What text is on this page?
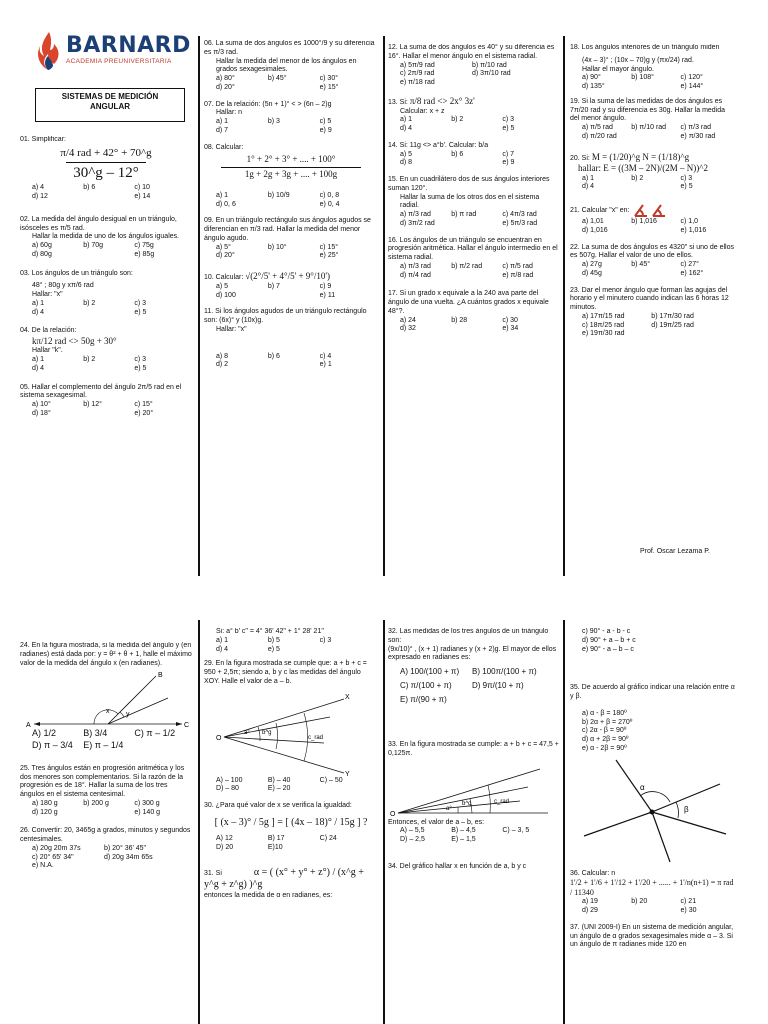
BARNARD
ACADEMIA PREUNIVERSITARIA
SISTEMAS DE MEDICIÓN
ANGULAR
01. Simplificar:
π/4 rad + 42° + 70^g
30^g – 12°
a) 4	b) 6	c) 10
d) 12	e) 14
02. La medida del ángulo desigual en un triángulo, isósceles es π/5 rad.
Hallar la medida de uno de los ángulos iguales.
a) 60g	b) 70g	c) 75g
d) 80g	e) 85g
03. Los ángulos de un triángulo son:
48° ; 80g y xπ/6 rad
Hallar: "x"
a) 1	b) 2	c) 3
d) 4	e) 5
04. De la relación:
kπ/12 rad <> 50g + 30°
Hallar "k".
a) 1	b) 2	c) 3
d) 4	e) 5
05. Hallar el complemento del ángulo 2π/5 rad en el sistema sexagesimal.
a) 10°	b) 12°	c) 15°
d) 18°	e) 20°
06. La suma de dos ángulos es 1000°/9 y su diferencia es π/3 rad.
Hallar la medida del menor de los ángulos en grados sexagesimales.
a) 80°	b) 45°	c) 30°
d) 20°	e) 15°
07. De la relación: (5n + 1)° < > (6n – 2)g
Hallar: n
a) 1	b) 3	c) 5
d) 7	e) 9
08. Calcular:
1° + 2° + 3° + .... + 100°
1g + 2g + 3g + .... + 100g
a) 1	b) 10/9	c) 0, 8
d) 0, 6	e) 0, 4
09. En un triángulo rectángulo sus ángulos agudos se diferencian en π/3 rad. Hallar la medida del menor ángulo agudo.
a) 5°	b) 10°	c) 15°
d) 20°	e) 25°
10. Calcular: √(2°/5' + 4°/5' + 9°/10')
a) 5	b) 7	c) 9
d) 100	e) 11
11. Si los ángulos agudos de un triángulo rectángulo son: (6x)° y (10x)g.
Hallar: "x"
a) 8	b) 6	c) 4
d) 2	e) 1
12. La suma de dos ángulos es 40° y su diferencia es 16°. Hallar el menor ángulo en el sistema radial.
a) 5π/9 rad	b) π/10 rad
c) 2π/9 rad	d) 3π/10 rad
e) π/18 rad
13. Si: π/8 rad <> 2x° 3z'
Calcular: x + z
a) 1	b) 2	c) 3
d) 4	e) 5
14. Si: 11g <> a°b'. Calcular: b/a
a) 5	b) 6	c) 7
d) 8	e) 9
15. En un cuadrilátero dos de sus ángulos interiores suman 120°.
Hallar la suma de los otros dos en el sistema radial.
a) π/3 rad	b) π rad	c) 4π/3 rad
d) 3π/2 rad	e) 5π/3 rad
16. Los ángulos de un triángulo se encuentran en progresión aritmética. Hallar el ángulo intermedio en el sistema radial.
a) π/3 rad	b) π/2 rad	c) π/5 rad
d) π/4 rad	e) π/8 rad
17. Si un grado x equivale a la 240 ava parte del ángulo de una vuelta. ¿A cuántos grados x equivale 48°?.
a) 24	b) 28	c) 30
d) 32	e) 34
18. Los ángulos interiores de un triángulo miden
(4x – 3)° ; (10x – 70)g y (πx/24) rad.
Hallar el mayor ángulo.
a) 90°	b) 108°	c) 120°
d) 135°	e) 144°
19. Si la suma de las medidas de dos ángulos es 7π/20 rad y su diferencia es 30g. Hallar la medida del menor ángulo.
a) π/5 rad	b) π/10 rad	c) π/3 rad
d) π/20 rad	e) π/30 rad
20. Si: M = (1/20)^g N = (1/18)^g
hallar: E = ((3M – 2N)/(2M – N))^2
a) 1	b) 2	c) 3
d) 4	e) 5
21. Calcular "x" en:
a) 1,01	b) 1,016	c) 1,0
d) 1,016	e) 1,016
22. La suma de dos ángulos es 4320" si uno de ellos es 507g. Hallar el valor de uno de ellos.
a) 27g	b) 45°	c) 27°
d) 45g	e) 162°
23. Dar el menor ángulo que forman las agujas del horario y el minutero cuando indican las 6 horas 12 minutos.
a) 17π/15 rad	b) 17π/30 rad
c) 18π/25 rad	d) 19π/25 rad
e) 19π/30 rad
Prof. Oscar Lezama P.
24. En la figura mostrada, si la medida del ángulo y (en radianes) está dada por: y = θ² + θ + 1, halle el máximo valor de la medida del ángulo x (en radianes).
A
B
C
x y
A) 1/2	B) 3/4	C) π – 1/2
D) π – 3/4	E) π – 1/4
25. Tres ángulos están en progresión aritmética y los dos menores son complementarios. Si la razón de la progresión es de 18°. Hallar la suma de los tres ángulos en el sistema centesimal.
a) 180 g	b) 200 g	c) 300 g
d) 120 g	e) 140 g
26. Convertir: 20, 3465g a grados, minutos y segundos centesimales.
a) 20g 20m 37s	b) 20° 36' 45"
c) 20° 65' 34"	d) 20g 34m 65s
e) N.A.
Si: a° b' c" = 4° 36' 42" + 1° 28' 21"
a) 1	b) 5	c) 3
d) 4	e) 5
29. En la figura mostrada se cumple que: a + b + c = 950 + 2,5π; siendo a, b y c las medidas del ángulo XOY. Halle el valor de a – b.
O
X
Y
a° b^g
c_rad
A) – 100	B) – 40	C) – 50
D) – 80	E) – 20
30. ¿Para qué valor de x se verifica la igualdad:
[ (x – 3)° / 5g ] = [ (4x – 18)° / 15g ] ?
A) 12	B) 17	C) 24
D) 20	E)10
31. Si	α = ( (x° + y° + z°) / (x^g + y^g + z^g) )^g
entonces la medida de α en radianes, es:
32. Las medidas de los tres ángulos de un triángulo son:
(9x/10)° , (x + 1) radianes y (x + 2)g. El mayor de ellos expresado en radianes es:
A) 100/(100 + π)	B) 100π/(100 + π)
C) π/(100 + π)	D) 9π/(10 + π)
E) π/(90 + π)
33. En la figura mostrada se cumple: a + b + c = 47,5 + 0,125π.
O
a°
b^g	c_rad
Entonces, el valor de a – b, es:
A) – 5,5	B) – 4,5	C) – 3, 5
D) – 2,5	E) – 1,5
34. Del gráfico hallar x en función de a, b y c
c) 90° - a - b - c
d) 90° + a – b + c
e) 90° - a – b – c
35. De acuerdo al gráfico indicar una relación entre α y β.
a) α - β = 180º
b) 2α + β = 270º
c) 2α - β = 90º
d) α + 2β = 90º
e) α - 2β = 90º
α
β
36. Calcular: n
1'/2 + 1'/6 + 1'/12 + 1'/20 + ...... + 1'/n(n+1) = π rad / 11340
a) 19	b) 20	c) 21
d) 29	e) 30
37. (UNI 2009-I) En un sistema de medición angular, un ángulo de α grados sexagesimales mide α – 3. Si un ángulo de π radianes mide 120 en
